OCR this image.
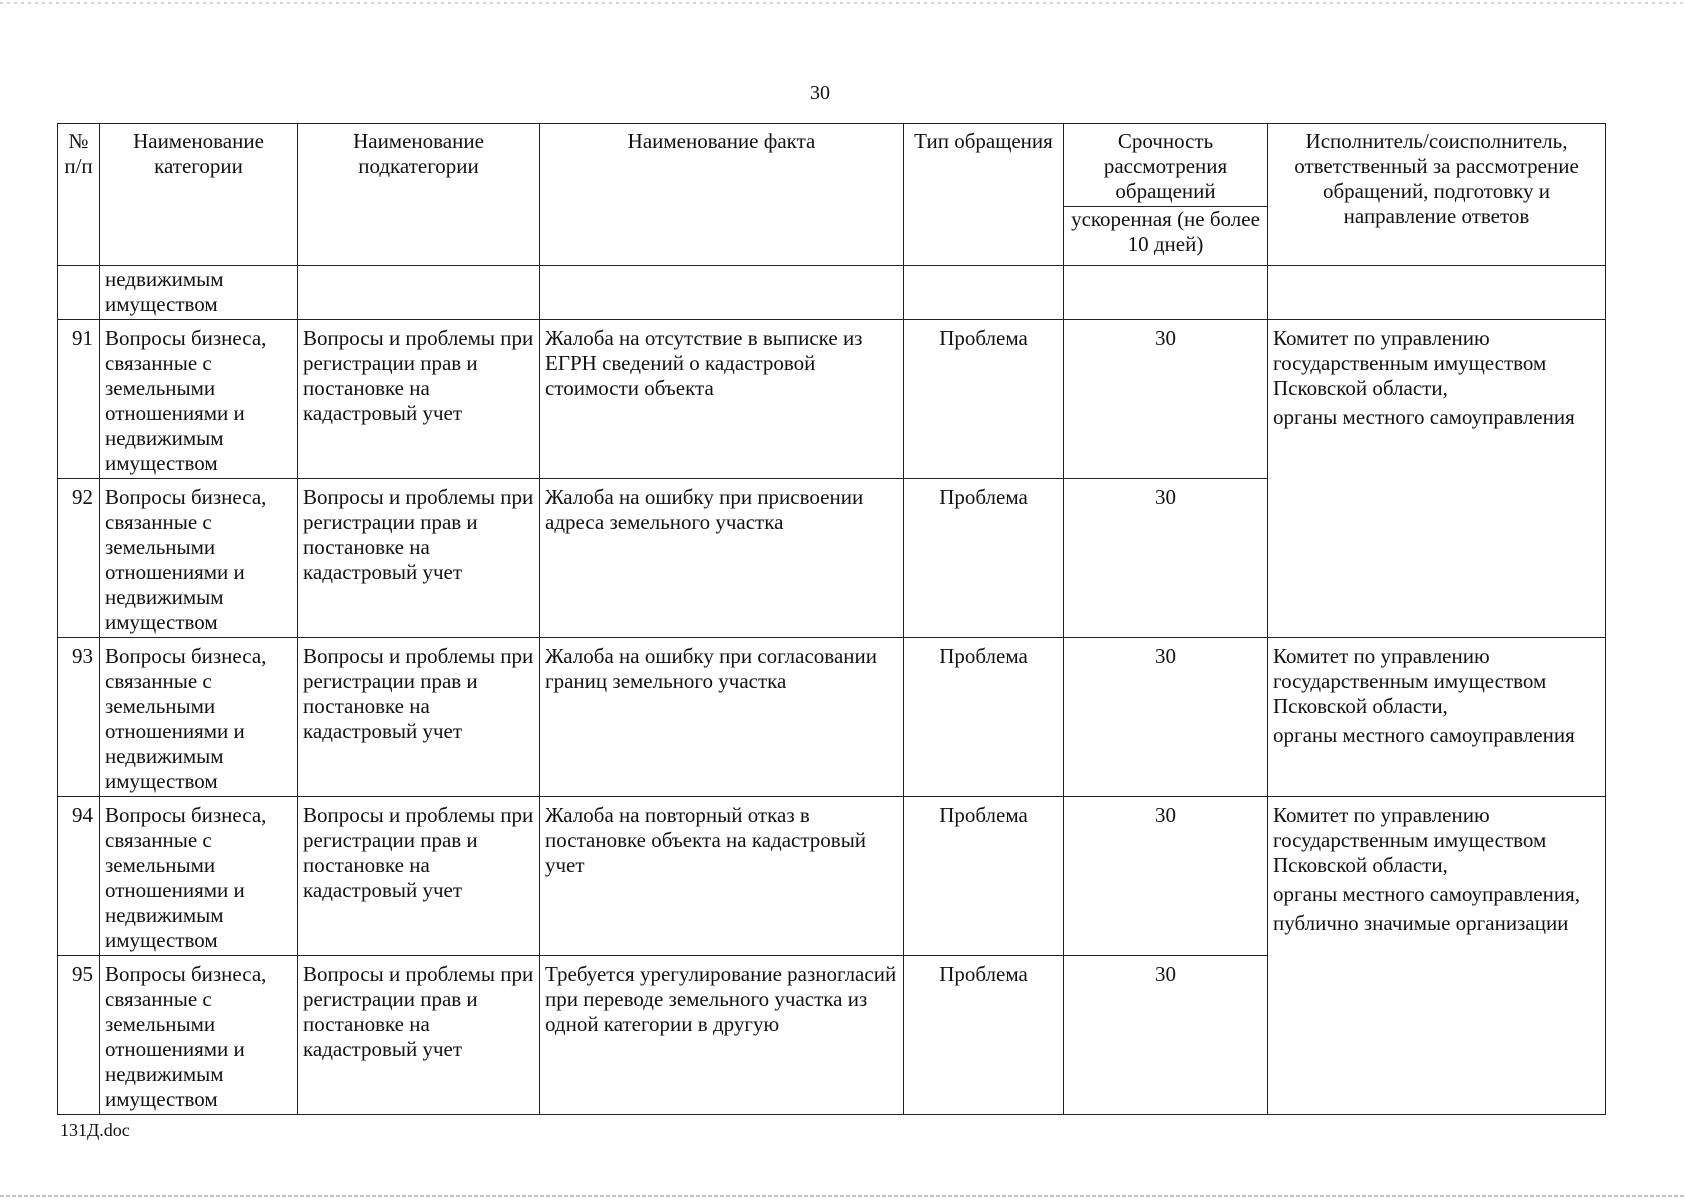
30
№ п/п	Наименование категории	Наименование подкатегории	Наименование факта	Тип обращения	Срочность рассмотрения обращений	Исполнитель/соисполнитель, ответственный за рассмотрение обращений, подготовку и направление ответов
					ускоренная (не более 10 дней)	
	недвижимым имуществом					
91	Вопросы бизнеса, связанные с земельными отношениями и недвижимым имуществом	Вопросы и проблемы при регистрации прав и постановке на кадастровый учет	Жалоба на отсутствие в выписке из ЕГРН сведений о кадастровой стоимости объекта	Проблема	30	Комитет по управлению государственным имуществом Псковской области,
органы местного самоуправления

92	Вопросы бизнеса, связанные с земельными отношениями и недвижимым имуществом	Вопросы и проблемы при регистрации прав и постановке на кадастровый учет	Жалоба на ошибку при присвоении адреса земельного участка	Проблема	30	
93	Вопросы бизнеса, связанные с земельными отношениями и недвижимым имуществом	Вопросы и проблемы при регистрации прав и постановке на кадастровый учет	Жалоба на ошибку при согласовании границ земельного участка	Проблема	30	Комитет по управлению государственным имуществом Псковской области,
органы местного самоуправления

94	Вопросы бизнеса, связанные с земельными отношениями и недвижимым имуществом	Вопросы и проблемы при регистрации прав и постановке на кадастровый учет	Жалоба на повторный отказ в постановке объекта на кадастровый учет	Проблема	30	Комитет по управлению государственным имуществом Псковской области,
органы местного самоуправления,
публично значимые организации

95	Вопросы бизнеса, связанные с земельными отношениями и недвижимым имуществом	Вопросы и проблемы при регистрации прав и постановке на кадастровый учет	Требуется урегулирование разногласий при переводе земельного участка из одной категории в другую	Проблема	30	
131Д.doc
